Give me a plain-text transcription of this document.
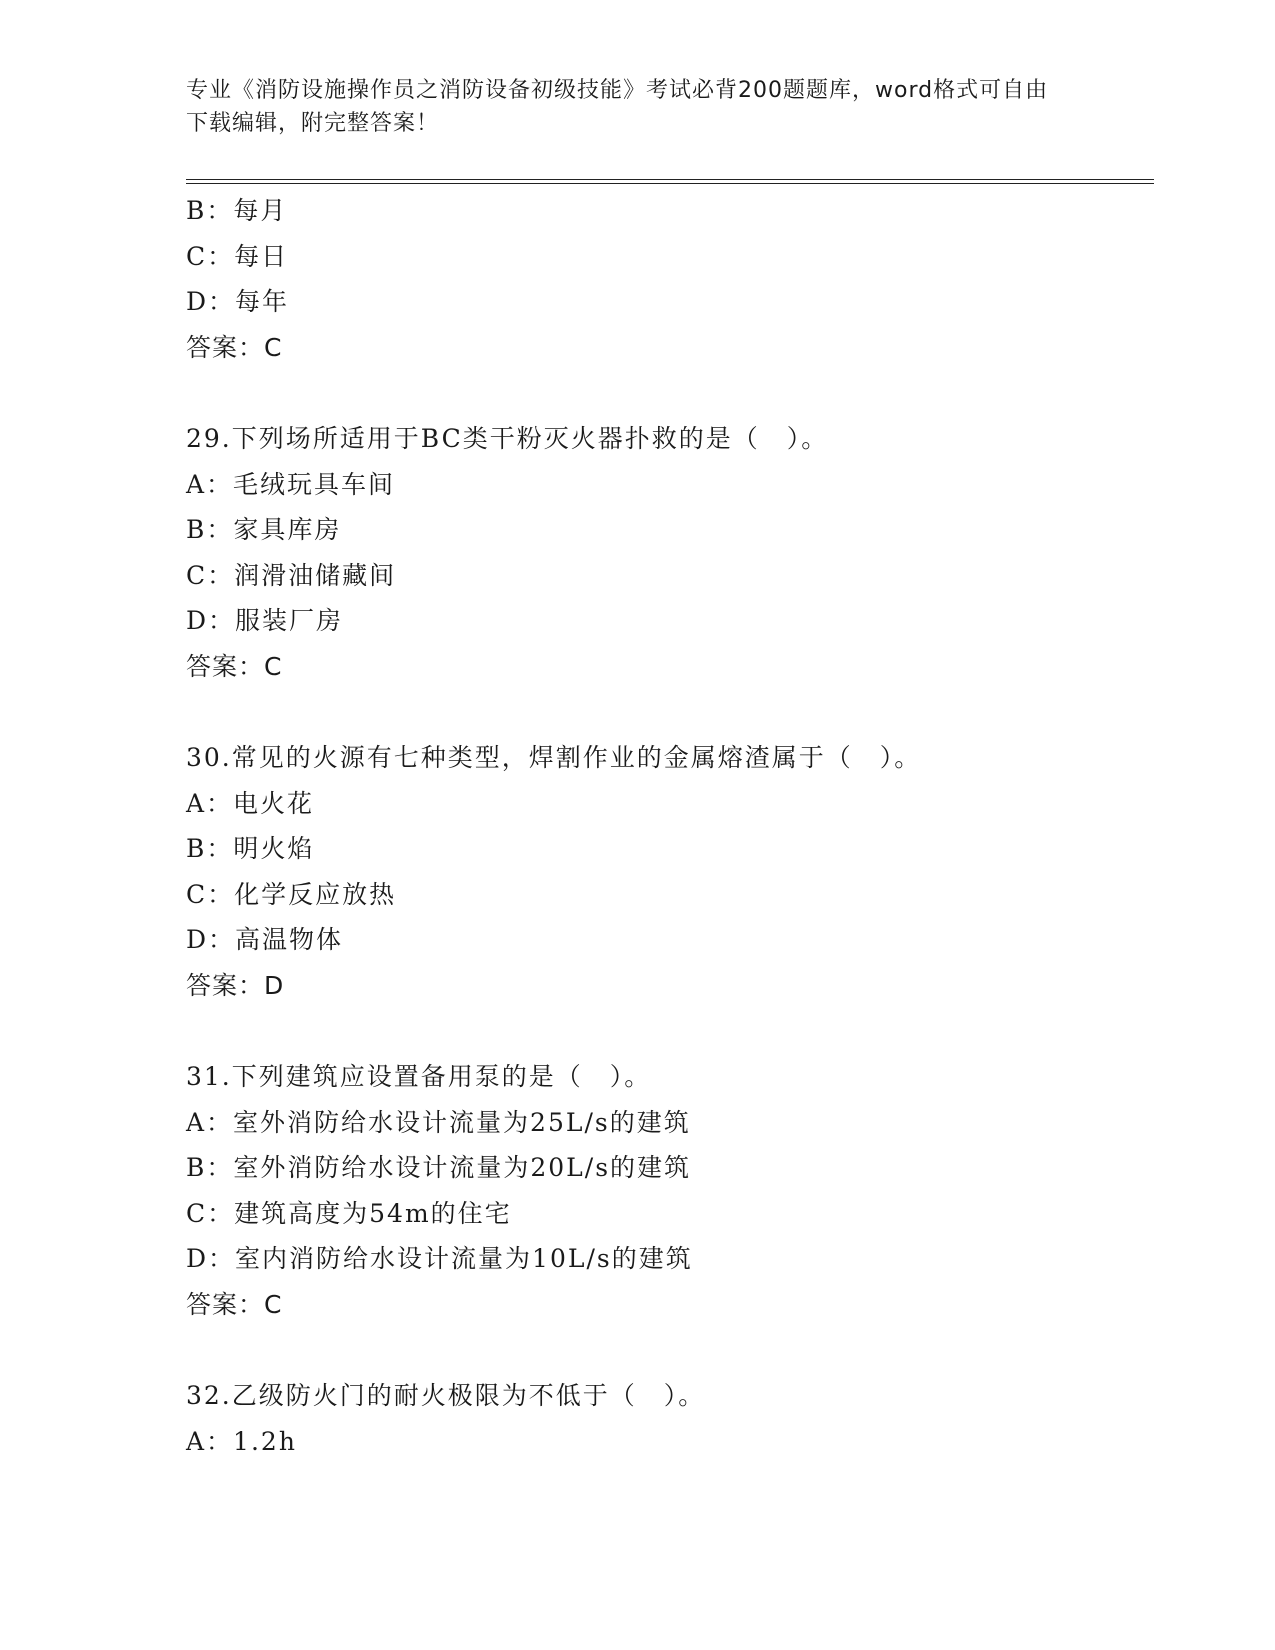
专业《消防设施操作员之消防设备初级技能》考试必背200题题库，word格式可自由下载编辑，附完整答案！
B：每月
C：每日
D：每年
答案：C
29.下列场所适用于BC类干粉灭火器扑救的是（　）。
A：毛绒玩具车间
B：家具库房
C：润滑油储藏间
D：服装厂房
答案：C
30.常见的火源有七种类型，焊割作业的金属熔渣属于（　）。
A：电火花
B：明火焰
C：化学反应放热
D：高温物体
答案：D
31.下列建筑应设置备用泵的是（　）。
A：室外消防给水设计流量为25L/s的建筑
B：室外消防给水设计流量为20L/s的建筑
C：建筑高度为54m的住宅
D：室内消防给水设计流量为10L/s的建筑
答案：C
32.乙级防火门的耐火极限为不低于（　）。
A：1.2h
